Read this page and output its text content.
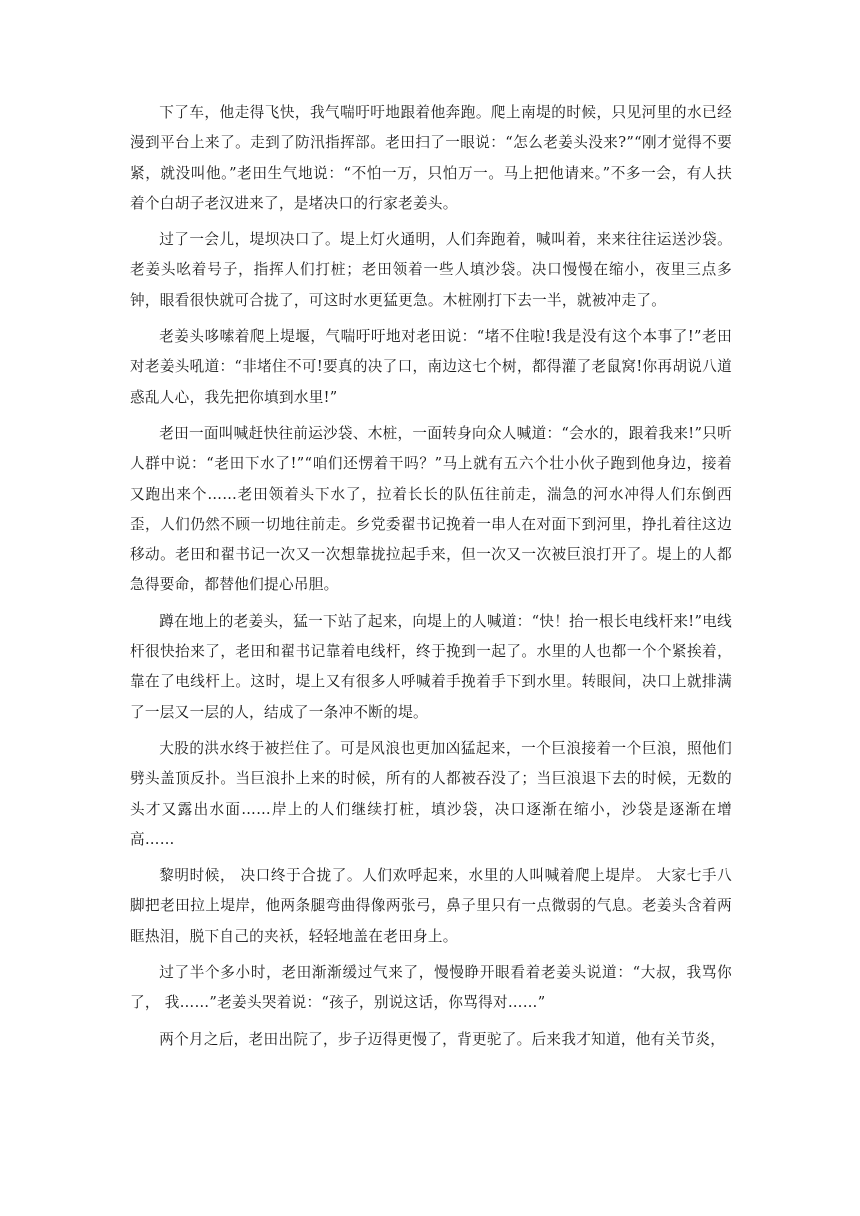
下了车，他走得飞快，我气喘吁吁地跟着他奔跑。爬上南堤的时候，只见河里的水已经漫到平台上来了。走到了防汛指挥部。老田扫了一眼说：“怎么老姜头没来?”“刚才觉得不要紧，就没叫他。”老田生气地说：“不怕一万，只怕万一。马上把他请来。”不多一会，有人扶着个白胡子老汉进来了，是堵决口的行家老姜头。

过了一会儿，堤坝决口了。堤上灯火通明，人们奔跑着，喊叫着，来来往往运送沙袋。老姜头吆着号子，指挥人们打桩；老田领着一些人填沙袋。决口慢慢在缩小，夜里三点多钟，眼看很快就可合拢了，可这时水更猛更急。木桩刚打下去一半，就被冲走了。

老姜头哆嗦着爬上堤堰，气喘吁吁地对老田说：“堵不住啦!我是没有这个本事了!”老田对老姜头吼道：“非堵住不可!要真的决了口，南边这七个树，都得灌了老鼠窝!你再胡说八道惑乱人心，我先把你填到水里!”

老田一面叫喊赶快往前运沙袋、木桩，一面转身向众人喊道：“会水的，跟着我来!”只听人群中说：“老田下水了!”“咱们还愣着干吗？”马上就有五六个壮小伙子跑到他身边，接着又跑出来个……老田领着头下水了，拉着长长的队伍往前走，湍急的河水冲得人们东倒西歪，人们仍然不顾一切地往前走。乡党委翟书记挽着一串人在对面下到河里，挣扎着往这边移动。老田和翟书记一次又一次想靠拢拉起手来，但一次又一次被巨浪打开了。堤上的人都急得要命，都替他们提心吊胆。

蹲在地上的老姜头，猛一下站了起来，向堤上的人喊道：“快！抬一根长电线杆来!”电线杆很快抬来了，老田和翟书记靠着电线杆，终于挽到一起了。水里的人也都一个个紧挨着，靠在了电线杆上。这时，堤上又有很多人呼喊着手挽着手下到水里。转眼间，决口上就排满了一层又一层的人，结成了一条冲不断的堤。

大股的洪水终于被拦住了。可是风浪也更加凶猛起来，一个巨浪接着一个巨浪，照他们劈头盖顶反扑。当巨浪扑上来的时候，所有的人都被吞没了；当巨浪退下去的时候，无数的头才又露出水面……岸上的人们继续打桩，填沙袋，决口逐渐在缩小，沙袋是逐渐在增高……

黎明时候， 决口终于合拢了。人们欢呼起来，水里的人叫喊着爬上堤岸。 大家七手八脚把老田拉上堤岸，他两条腿弯曲得像两张弓，鼻子里只有一点微弱的气息。老姜头含着两眶热泪，脱下自己的夹袄，轻轻地盖在老田身上。

过了半个多小时，老田渐渐缓过气来了，慢慢睁开眼看着老姜头说道：“大叔，我骂你了， 我……”老姜头哭着说：“孩子，别说这话，你骂得对……”

两个月之后，老田出院了，步子迈得更慢了，背更驼了。后来我才知道，他有关节炎，
